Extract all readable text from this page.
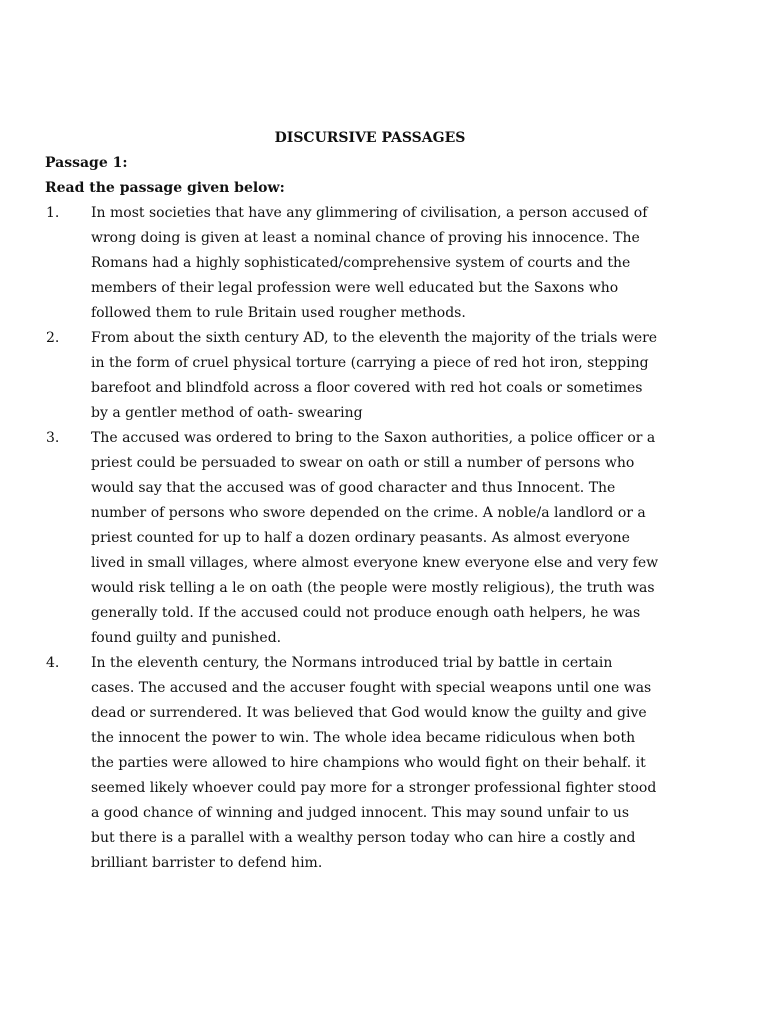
DISCURSIVE PASSAGES
Passage 1:
Read the passage given below:
1. In most societies that have any glimmering of civilisation, a person accused of
wrong doing is given at least a nominal chance of proving his innocence. The
Romans had a highly sophisticated/comprehensive system of courts and the
members of their legal profession were well educated but the Saxons who
followed them to rule Britain used rougher methods.
2. From about the sixth century AD, to the eleventh the majority of the trials were
in the form of cruel physical torture (carrying a piece of red hot iron, stepping
barefoot and blindfold across a floor covered with red hot coals or sometimes
by a gentler method of oath- swearing
3. The accused was ordered to bring to the Saxon authorities, a police officer or a
priest could be persuaded to swear on oath or still a number of persons who
would say that the accused was of good character and thus Innocent. The
number of persons who swore depended on the crime. A noble/a landlord or a
priest counted for up to half a dozen ordinary peasants. As almost everyone
lived in small villages, where almost everyone knew everyone else and very few
would risk telling a le on oath (the people were mostly religious), the truth was
generally told. If the accused could not produce enough oath helpers, he was
found guilty and punished.
4. In the eleventh century, the Normans introduced trial by battle in certain
cases. The accused and the accuser fought with special weapons until one was
dead or surrendered. It was believed that God would know the guilty and give
the innocent the power to win. The whole idea became ridiculous when both
the parties were allowed to hire champions who would fight on their behalf. it
seemed likely whoever could pay more for a stronger professional fighter stood
a good chance of winning and judged innocent. This may sound unfair to us
but there is a parallel with a wealthy person today who can hire a costly and
brilliant barrister to defend him.
